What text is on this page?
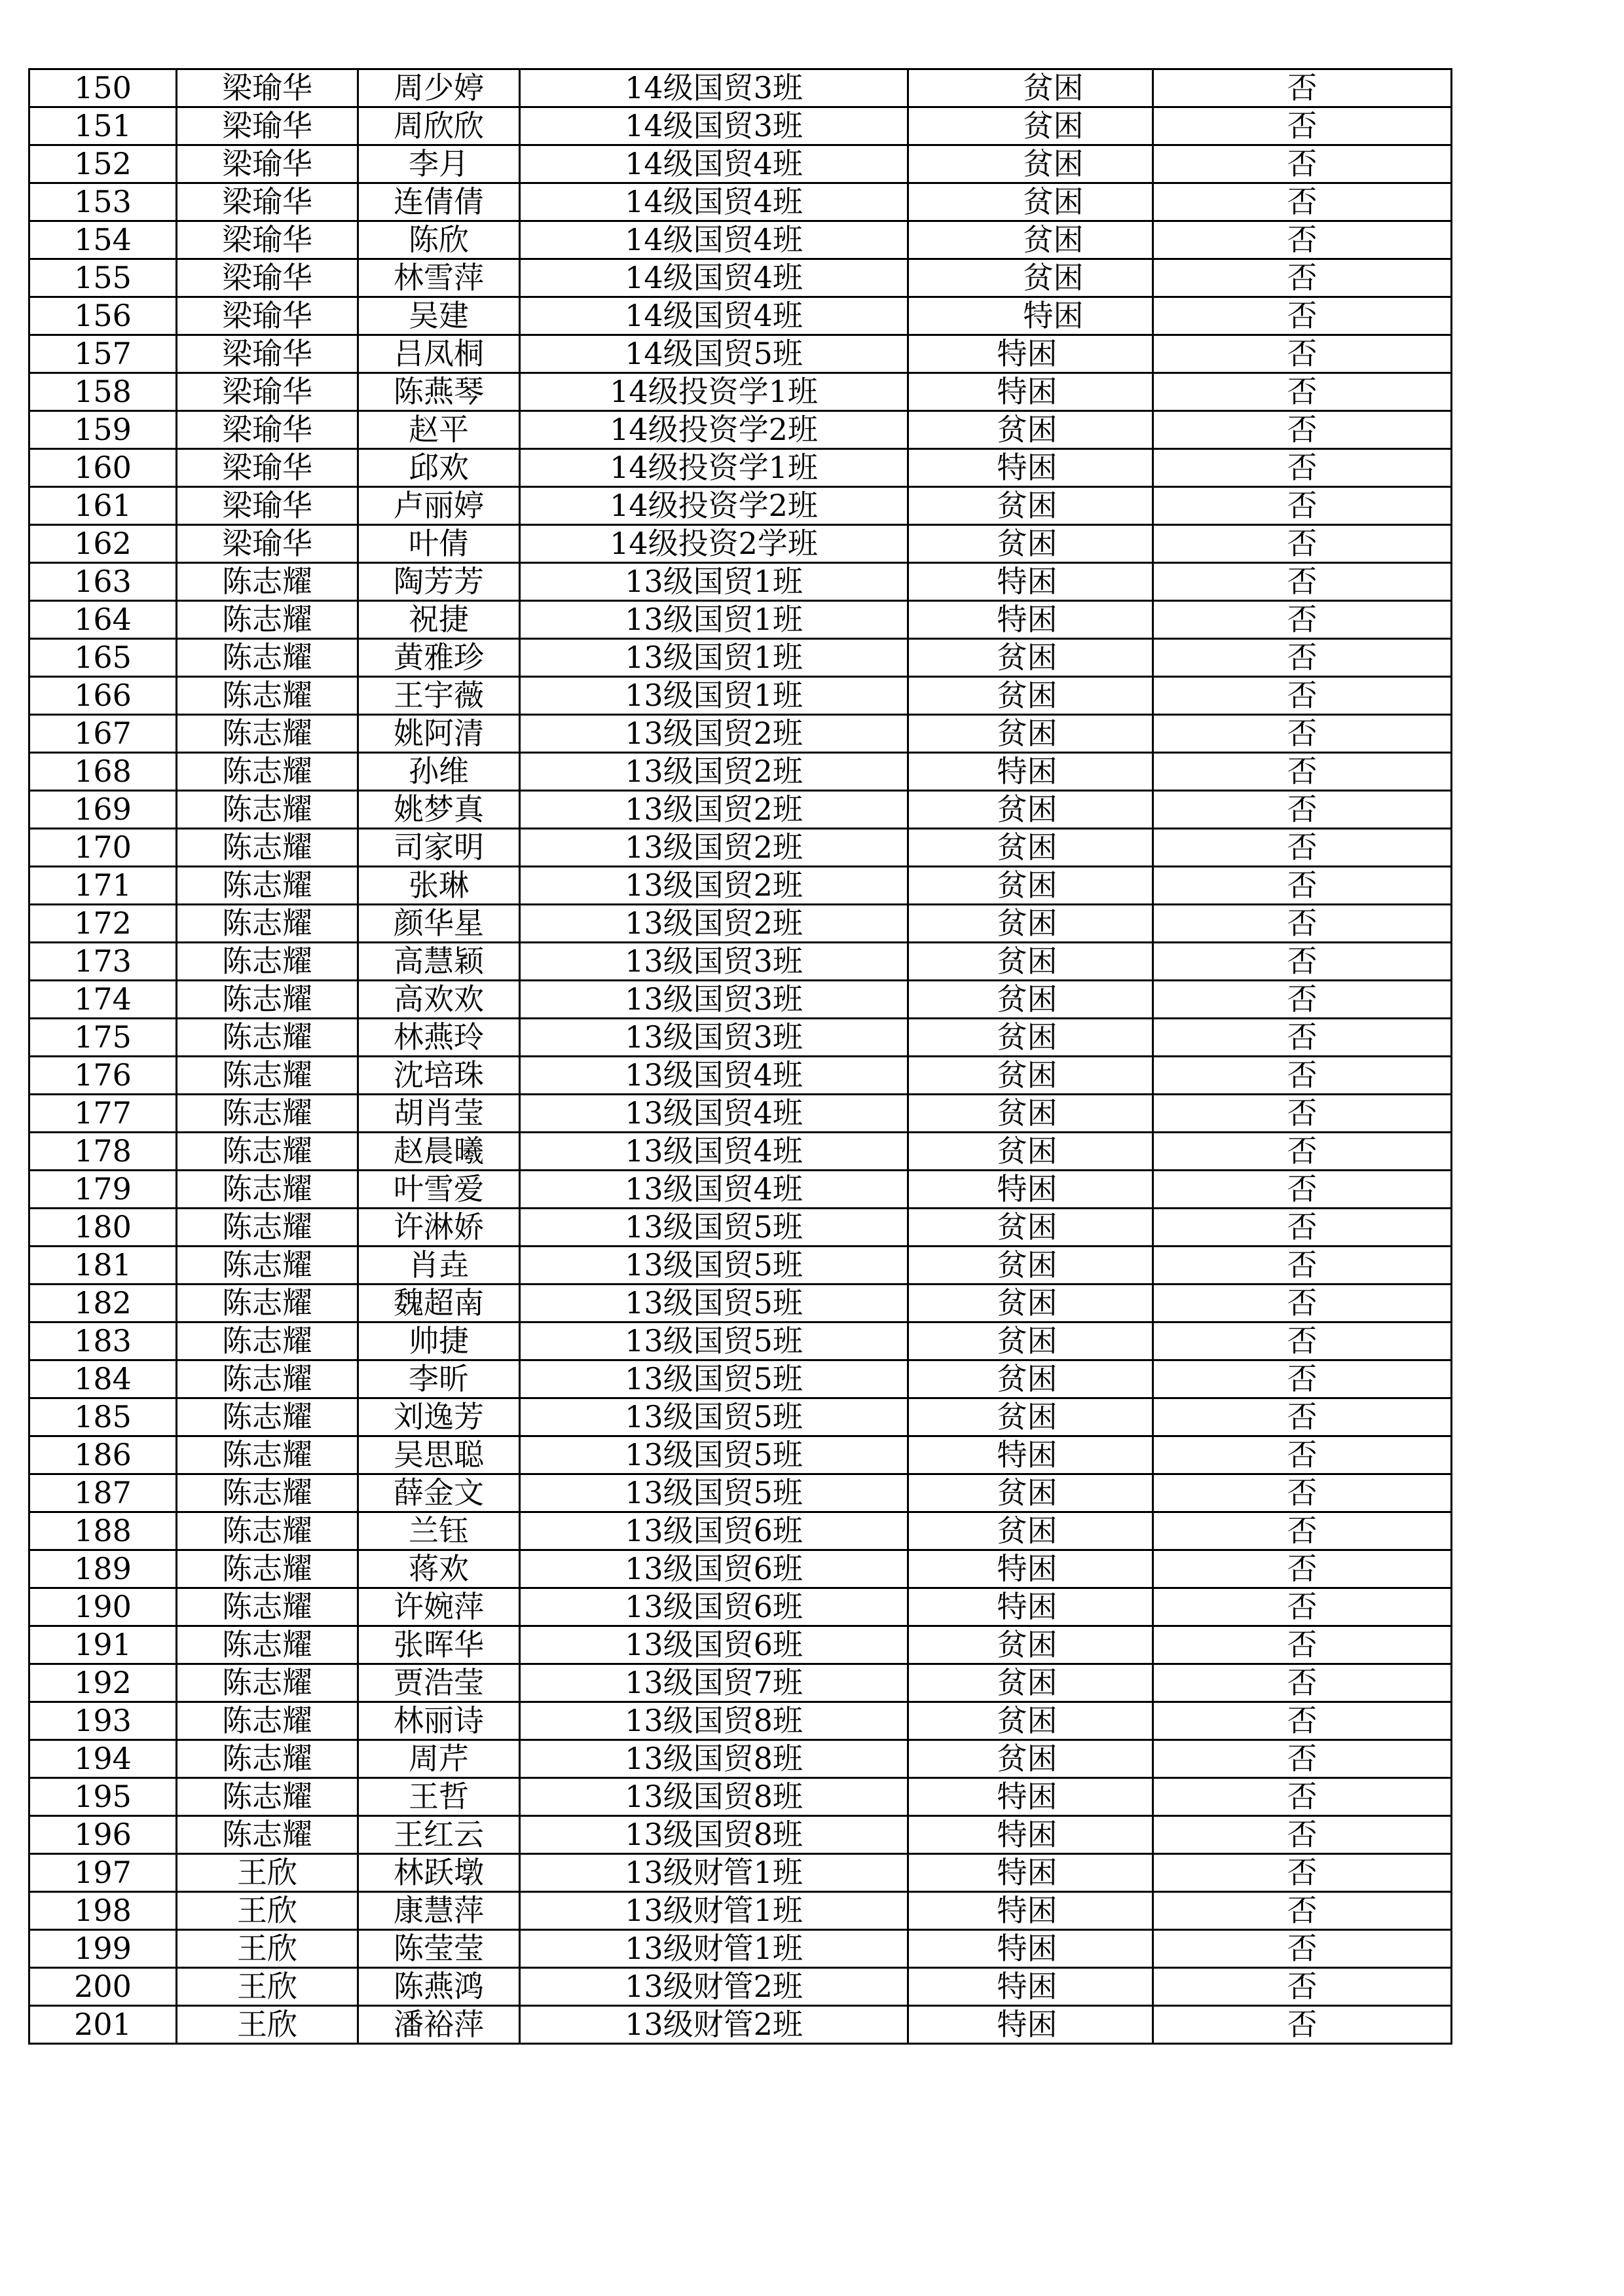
150	梁瑜华	周少婷	14级国贸3班	贫困	否
151	梁瑜华	周欣欣	14级国贸3班	贫困	否
152	梁瑜华	李月	14级国贸4班	贫困	否
153	梁瑜华	连倩倩	14级国贸4班	贫困	否
154	梁瑜华	陈欣	14级国贸4班	贫困	否
155	梁瑜华	林雪萍	14级国贸4班	贫困	否
156	梁瑜华	吴建	14级国贸4班	特困	否
157	梁瑜华	吕凤桐	14级国贸5班	特困	否
158	梁瑜华	陈燕琴	14级投资学1班	特困	否
159	梁瑜华	赵平	14级投资学2班	贫困	否
160	梁瑜华	邱欢	14级投资学1班	特困	否
161	梁瑜华	卢丽婷	14级投资学2班	贫困	否
162	梁瑜华	叶倩	14级投资2学班	贫困	否
163	陈志耀	陶芳芳	13级国贸1班	特困	否
164	陈志耀	祝捷	13级国贸1班	特困	否
165	陈志耀	黄雅珍	13级国贸1班	贫困	否
166	陈志耀	王宇薇	13级国贸1班	贫困	否
167	陈志耀	姚阿清	13级国贸2班	贫困	否
168	陈志耀	孙维	13级国贸2班	特困	否
169	陈志耀	姚梦真	13级国贸2班	贫困	否
170	陈志耀	司家明	13级国贸2班	贫困	否
171	陈志耀	张琳	13级国贸2班	贫困	否
172	陈志耀	颜华星	13级国贸2班	贫困	否
173	陈志耀	高慧颖	13级国贸3班	贫困	否
174	陈志耀	高欢欢	13级国贸3班	贫困	否
175	陈志耀	林燕玲	13级国贸3班	贫困	否
176	陈志耀	沈培珠	13级国贸4班	贫困	否
177	陈志耀	胡肖莹	13级国贸4班	贫困	否
178	陈志耀	赵晨曦	13级国贸4班	贫困	否
179	陈志耀	叶雪爱	13级国贸4班	特困	否
180	陈志耀	许淋娇	13级国贸5班	贫困	否
181	陈志耀	肖垚	13级国贸5班	贫困	否
182	陈志耀	魏超南	13级国贸5班	贫困	否
183	陈志耀	帅捷	13级国贸5班	贫困	否
184	陈志耀	李昕	13级国贸5班	贫困	否
185	陈志耀	刘逸芳	13级国贸5班	贫困	否
186	陈志耀	吴思聪	13级国贸5班	特困	否
187	陈志耀	薛金文	13级国贸5班	贫困	否
188	陈志耀	兰钰	13级国贸6班	贫困	否
189	陈志耀	蒋欢	13级国贸6班	特困	否
190	陈志耀	许婉萍	13级国贸6班	特困	否
191	陈志耀	张晖华	13级国贸6班	贫困	否
192	陈志耀	贾浩莹	13级国贸7班	贫困	否
193	陈志耀	林丽诗	13级国贸8班	贫困	否
194	陈志耀	周芹	13级国贸8班	贫困	否
195	陈志耀	王哲	13级国贸8班	特困	否
196	陈志耀	王红云	13级国贸8班	特困	否
197	王欣	林跃墩	13级财管1班	特困	否
198	王欣	康慧萍	13级财管1班	特困	否
199	王欣	陈莹莹	13级财管1班	特困	否
200	王欣	陈燕鸿	13级财管2班	特困	否
201	王欣	潘裕萍	13级财管2班	特困	否
